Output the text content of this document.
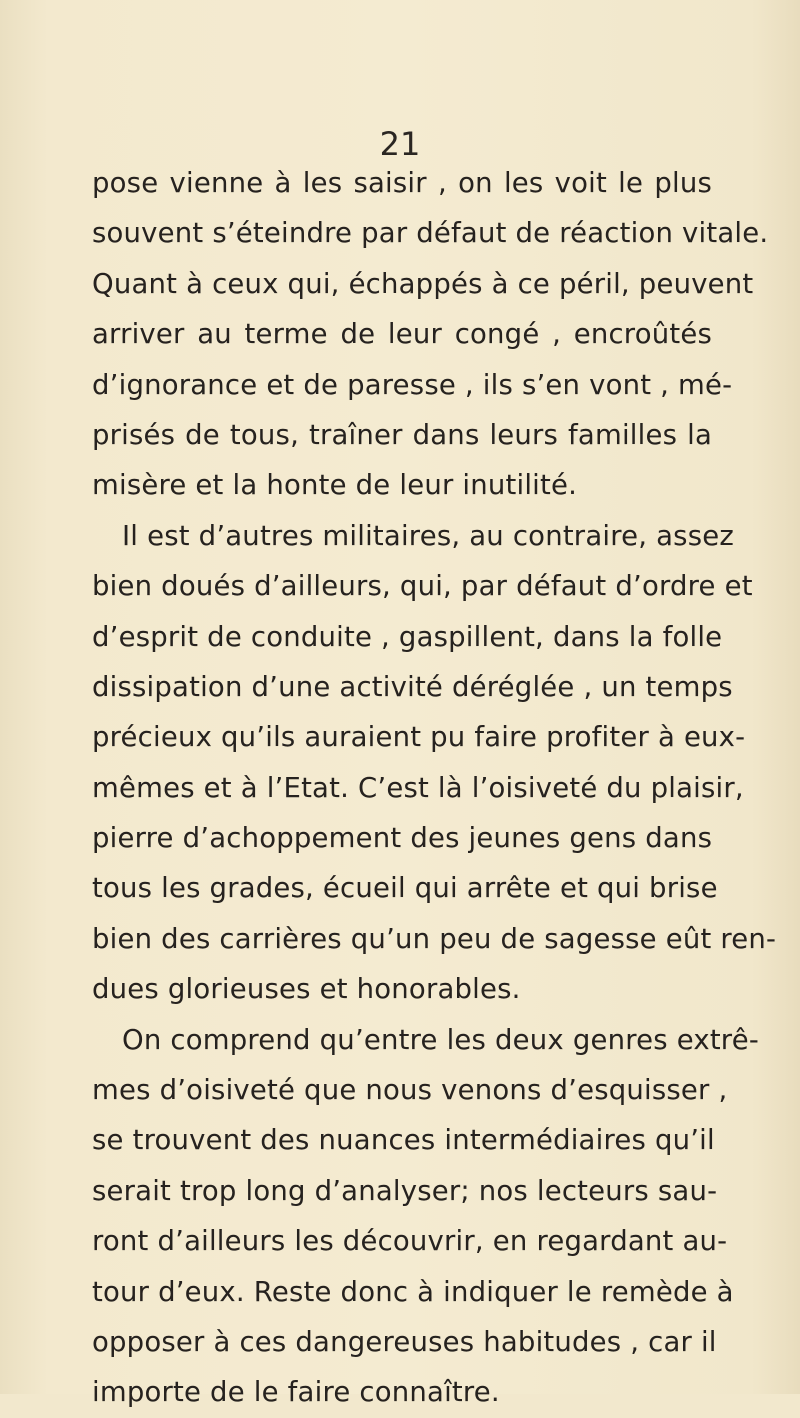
21
pose vienne à les saisir , on les voit le plus
souvent s’éteindre par défaut de réaction vitale.
Quant à ceux qui, échappés à ce péril, peuvent
arriver au terme de leur congé , encroûtés
d’ignorance et de paresse , ils s’en vont , mé-
prisés de tous, traîner dans leurs familles la
misère et la honte de leur inutilité.
Il est d’autres militaires, au contraire, assez
bien doués d’ailleurs, qui, par défaut d’ordre et
d’esprit de conduite , gaspillent, dans la folle
dissipation d’une activité déréglée , un temps
précieux qu’ils auraient pu faire profiter à eux-
mêmes et à l’Etat. C’est là l’oisiveté du plaisir,
pierre d’achoppement des jeunes gens dans
tous les grades, écueil qui arrête et qui brise
bien des carrières qu’un peu de sagesse eût ren-
dues glorieuses et honorables.
On comprend qu’entre les deux genres extrê-
mes d’oisiveté que nous venons d’esquisser ,
se trouvent des nuances intermédiaires qu’il
serait trop long d’analyser; nos lecteurs sau-
ront d’ailleurs les découvrir, en regardant au-
tour d’eux. Reste donc à indiquer le remède à
opposer à ces dangereuses habitudes , car il
importe de le faire connaître.
